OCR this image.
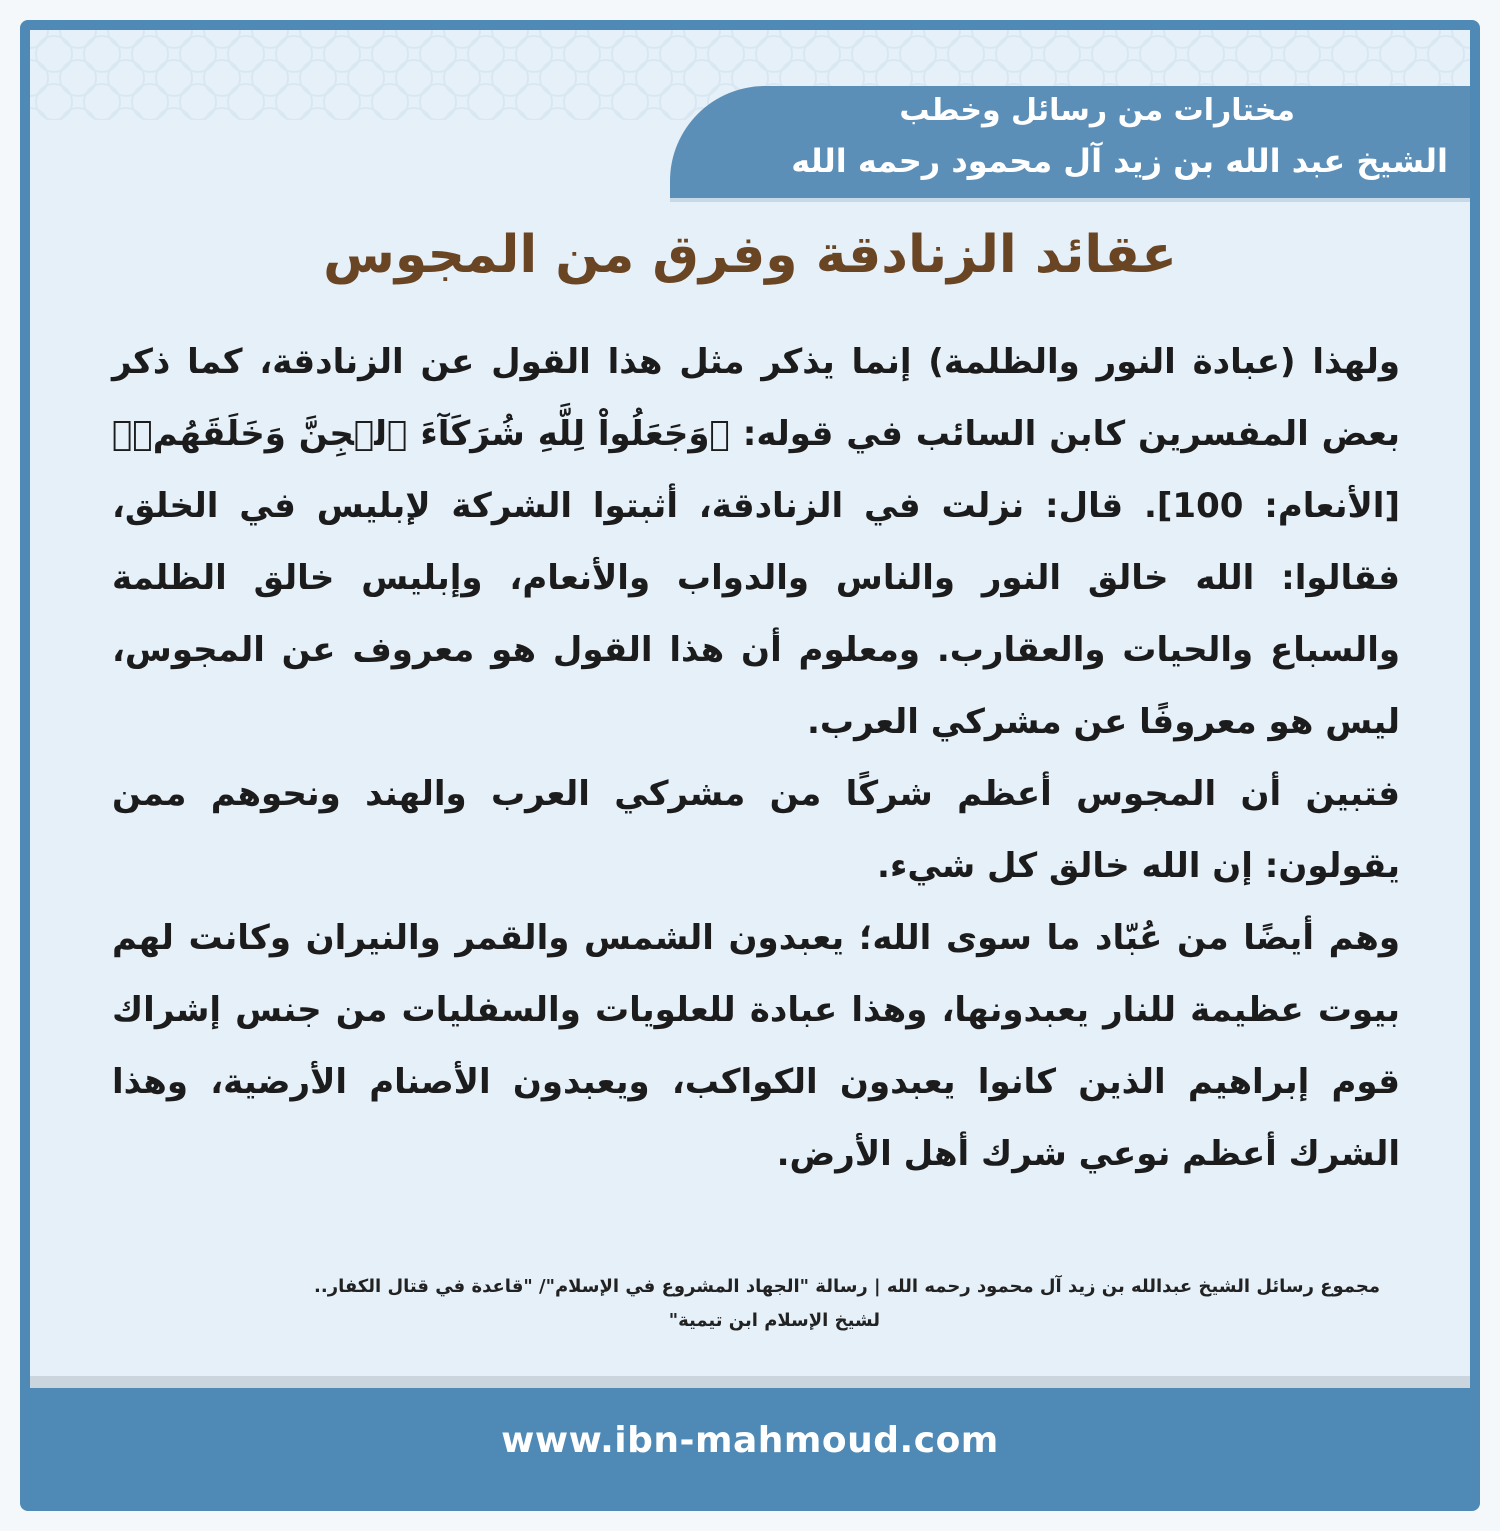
مختارات من رسائل وخطب
الشيخ عبد الله بن زيد آل محمود رحمه الله
عقائد الزنادقة وفرق من المجوس

ولهذا (عبادة النور والظلمة) إنما يذكر مثل هذا القول عن الزنادقة، كما ذكر بعض المفسرين كابن السائب في قوله: ﴿وَجَعَلُواْ لِلَّهِ شُرَكَآءَ ٱلۡجِنَّ وَخَلَقَهُمۡ﴾ [الأنعام: 100]. قال: نزلت في الزنادقة، أثبتوا الشركة لإبليس في الخلق، فقالوا: الله خالق النور والناس والدواب والأنعام، وإبليس خالق الظلمة والسباع والحيات والعقارب. ومعلوم أن هذا القول هو معروف عن المجوس، ليس هو معروفًا عن مشركي العرب.

فتبين أن المجوس أعظم شركًا من مشركي العرب والهند ونحوهم ممن يقولون: إن الله خالق كل شيء.

وهم أيضًا من عُبّاد ما سوى الله؛ يعبدون الشمس والقمر والنيران وكانت لهم بيوت عظيمة للنار يعبدونها، وهذا عبادة للعلويات والسفليات من جنس إشراك قوم إبراهيم الذين كانوا يعبدون الكواكب، ويعبدون الأصنام الأرضية، وهذا الشرك أعظم نوعي شرك أهل الأرض.

مجموع رسائل الشيخ عبدالله بن زيد آل محمود رحمه الله | رسالة "الجهاد المشروع في الإسلام"/ "قاعدة في قتال الكفار..
لشيخ الإسلام ابن تيمية"
www.ibn-mahmoud.com
